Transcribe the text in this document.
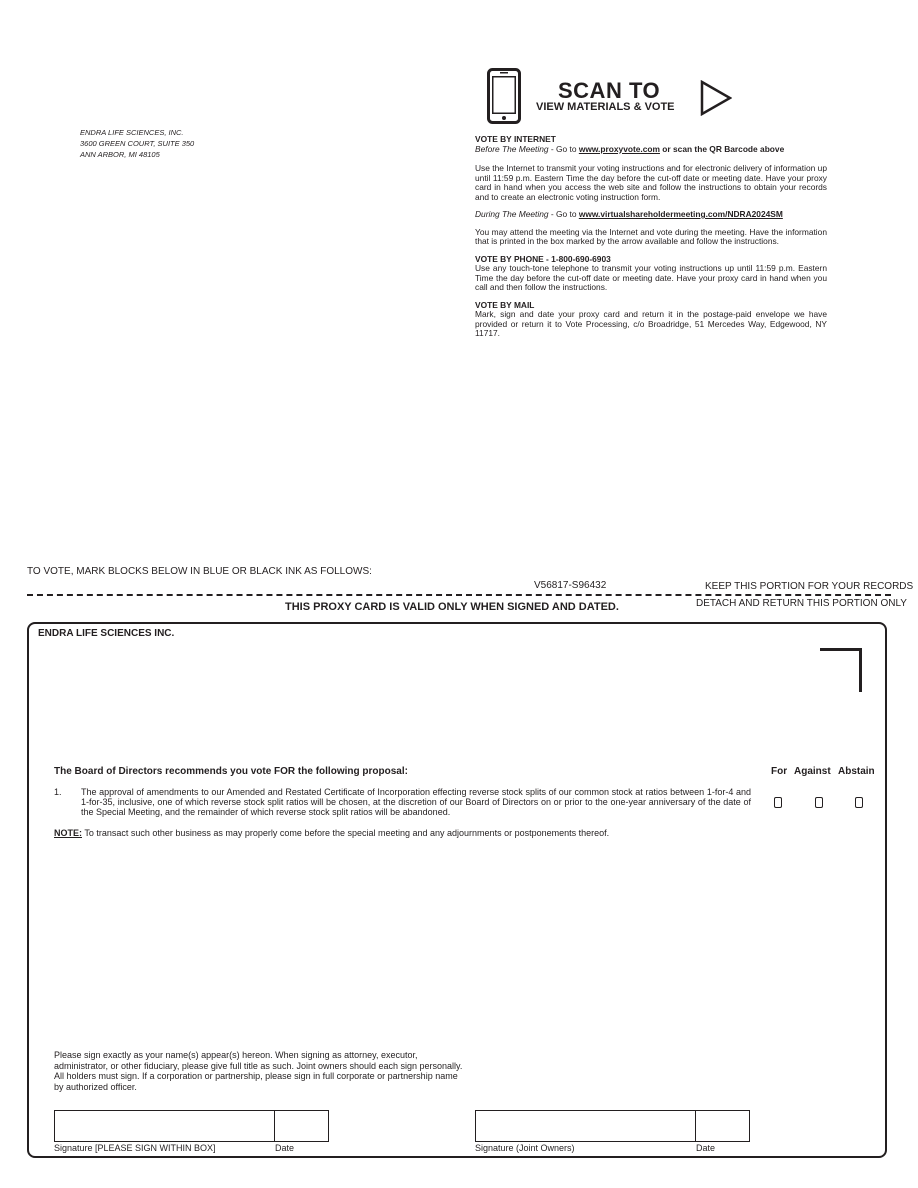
ENDRA LIFE SCIENCES, INC.
3600 GREEN COURT, SUITE 350
ANN ARBOR, MI 48105
SCAN TO
VIEW MATERIALS & VOTE
VOTE BY INTERNET

Before The Meeting - Go to www.proxyvote.com or scan the QR Barcode above

Use the Internet to transmit your voting instructions and for electronic delivery of information up until 11:59 p.m. Eastern Time the day before the cut-off date or meeting date. Have your proxy card in hand when you access the web site and follow the instructions to obtain your records and to create an electronic voting instruction form.

During The Meeting - Go to www.virtualshareholdermeeting.com/NDRA2024SM

You may attend the meeting via the Internet and vote during the meeting. Have the information that is printed in the box marked by the arrow available and follow the instructions.

VOTE BY PHONE - 1-800-690-6903

Use any touch-tone telephone to transmit your voting instructions up until 11:59 p.m. Eastern Time the day before the cut-off date or meeting date. Have your proxy card in hand when you call and then follow the instructions.

VOTE BY MAIL

Mark, sign and date your proxy card and return it in the postage-paid envelope we have provided or return it to Vote Processing, c/o Broadridge, 51 Mercedes Way, Edgewood, NY 11717.

TO VOTE, MARK BLOCKS BELOW IN BLUE OR BLACK INK AS FOLLOWS:
V56817-S96432	KEEP THIS PORTION FOR YOUR RECORDS
DETACH AND RETURN THIS PORTION ONLY
THIS PROXY CARD IS VALID ONLY WHEN SIGNED AND DATED.
ENDRA LIFE SCIENCES INC.
The Board of Directors recommends you vote FOR the following proposal:	For Against Abstain
1. The approval of amendments to our Amended and Restated Certificate of Incorporation effecting reverse stock splits of our common stock at ratios between 1-for-4 and 1-for-35, inclusive, one of which reverse stock split ratios will be chosen, at the discretion of our Board of Directors on or prior to the one-year anniversary of the date of the Special Meeting, and the remainder of which reverse stock split ratios will be abandoned.
NOTE: To transact such other business as may properly come before the special meeting and any adjournments or postponements thereof.
Please sign exactly as your name(s) appear(s) hereon. When signing as attorney, executor, administrator, or other fiduciary, please give full title as such. Joint owners should each sign personally. All holders must sign. If a corporation or partnership, please sign in full corporate or partnership name by authorized officer.
Signature [PLEASE SIGN WITHIN BOX]	Date	Signature (Joint Owners)	Date
